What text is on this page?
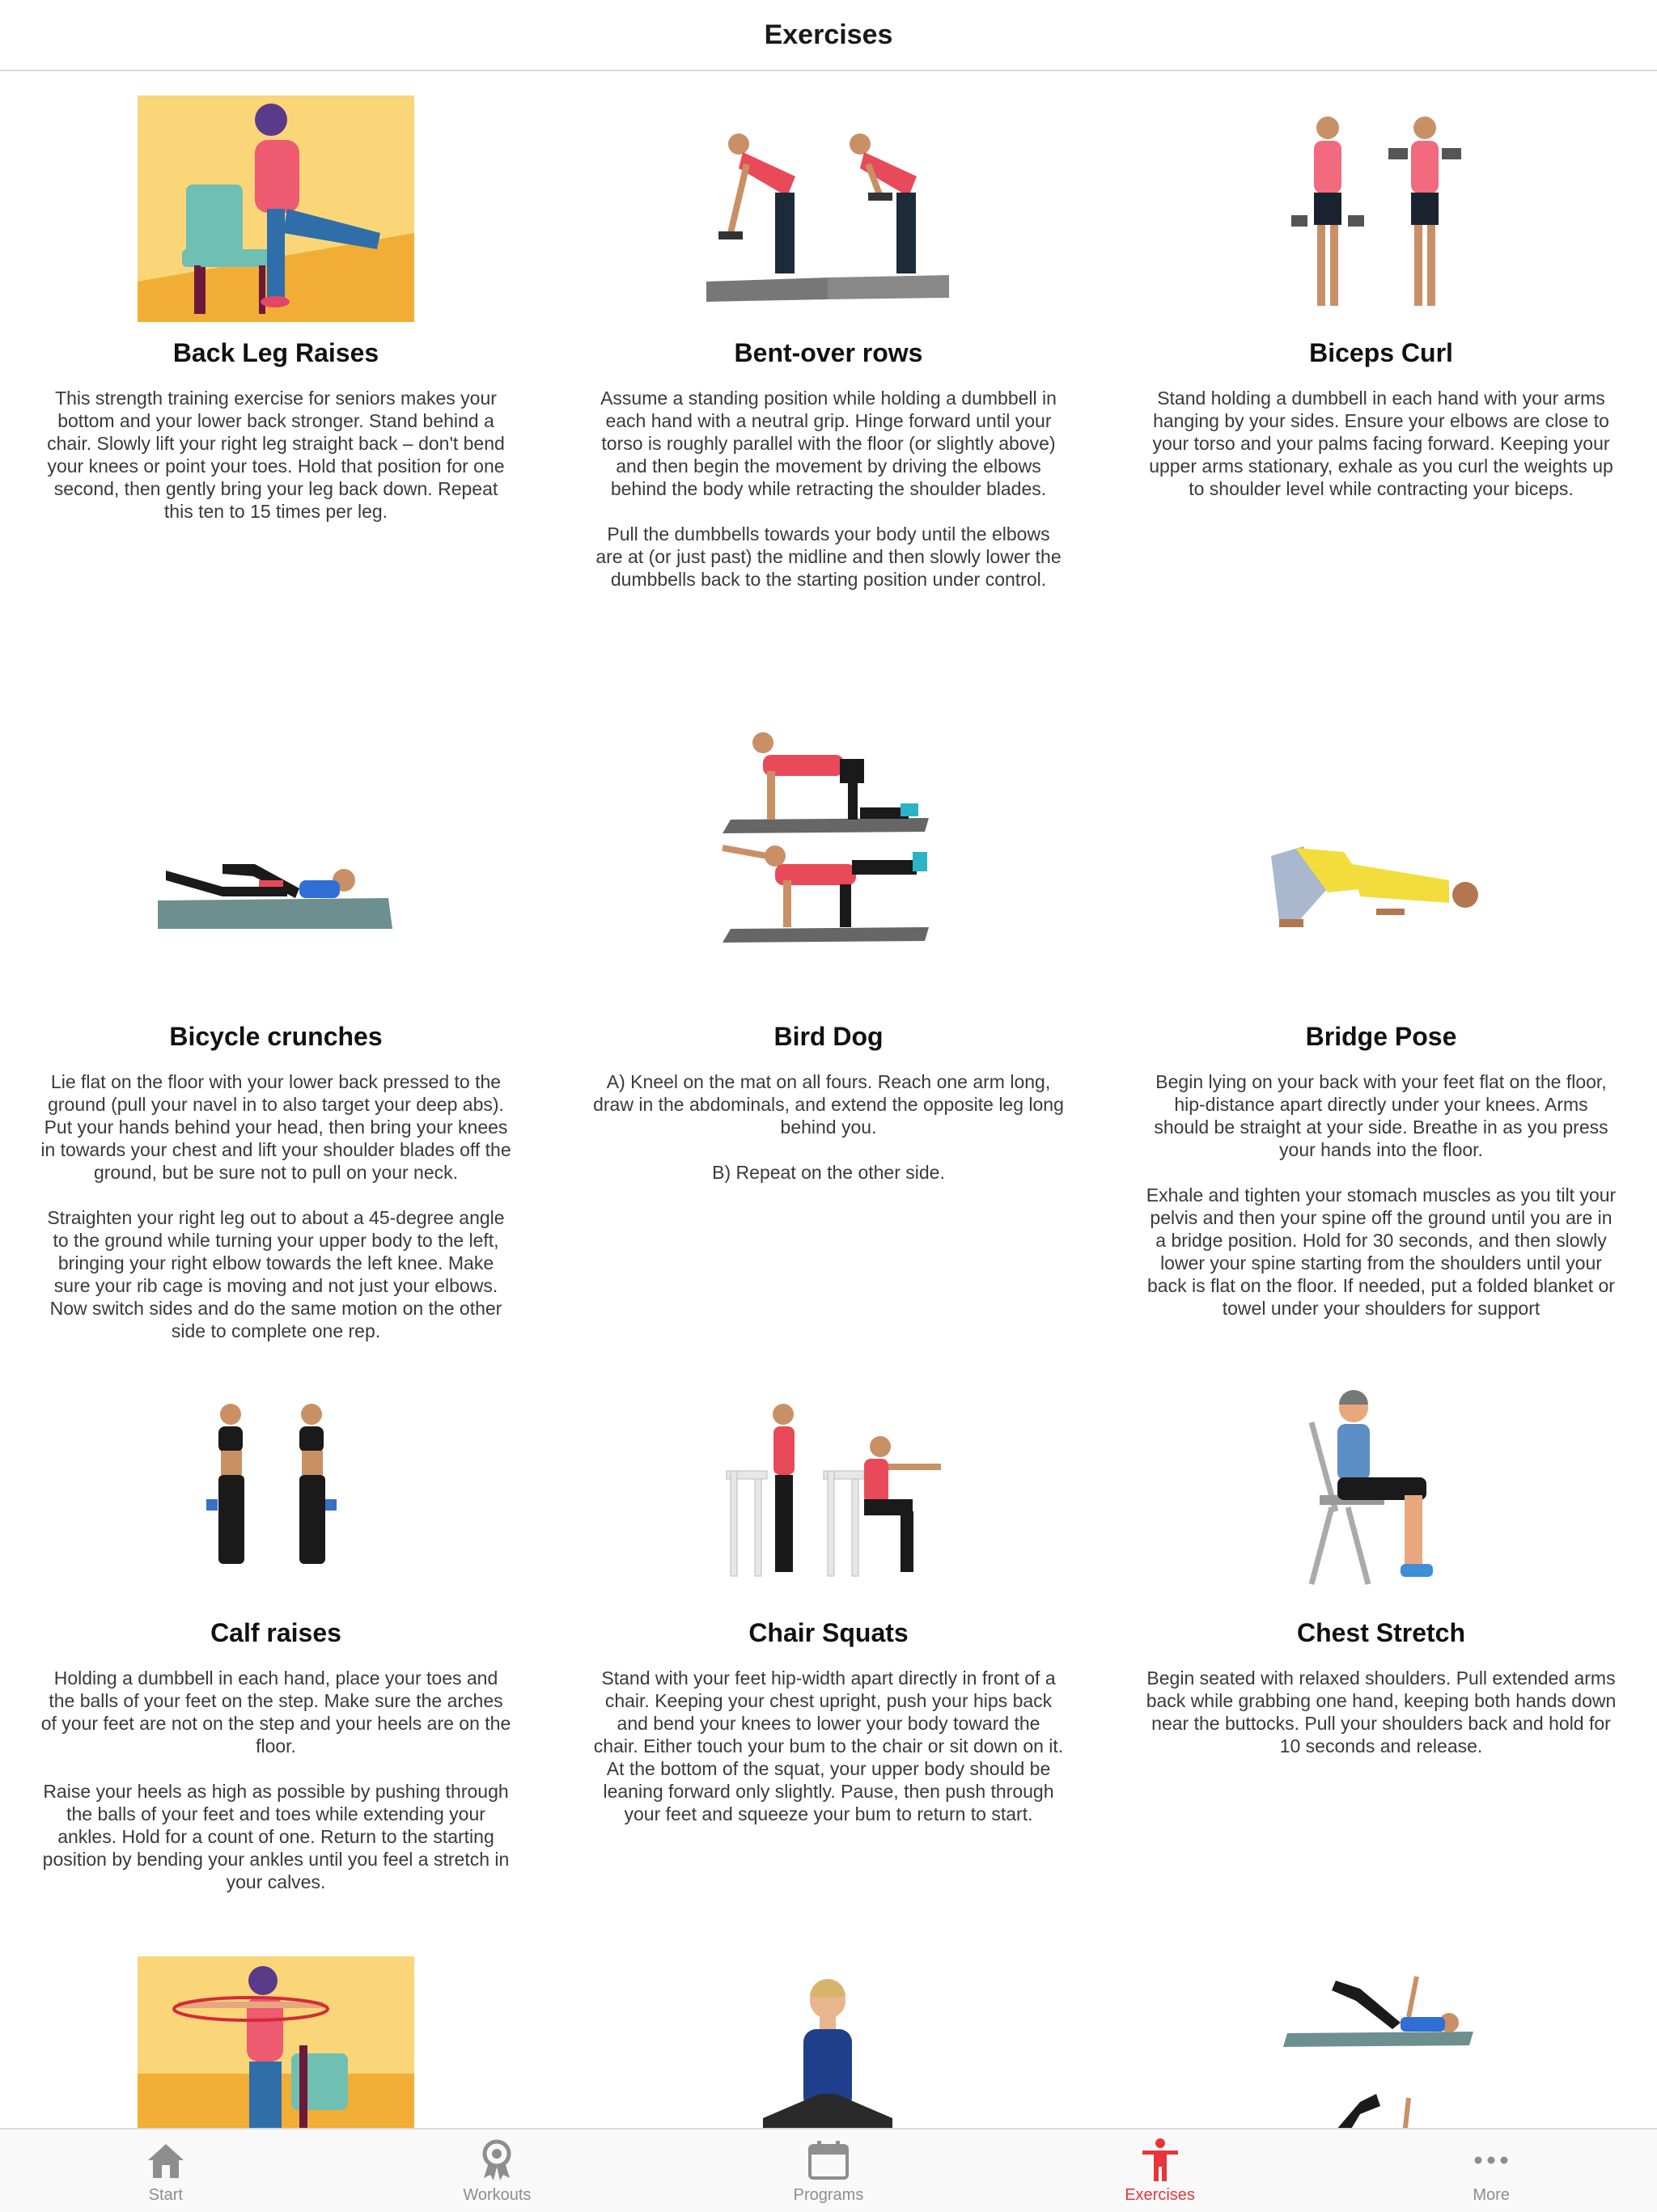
Exercises
Back Leg Raises

This strength training exercise for seniors makes your bottom and your lower back stronger. Stand behind a chair. Slowly lift your right leg straight back – don't bend your knees or point your toes. Hold that position for one second, then gently bring your leg back down. Repeat this ten to 15 times per leg.

Bent-over rows

Assume a standing position while holding a dumbbell in each hand with a neutral grip. Hinge forward until your torso is roughly parallel with the floor (or slightly above) and then begin the movement by driving the elbows behind the body while retracting the shoulder blades.

Pull the dumbbells towards your body until the elbows are at (or just past) the midline and then slowly lower the dumbbells back to the starting position under control.

Biceps Curl

Stand holding a dumbbell in each hand with your arms hanging by your sides. Ensure your elbows are close to your torso and your palms facing forward. Keeping your upper arms stationary, exhale as you curl the weights up to shoulder level while contracting your biceps.

Bicycle crunches

Lie flat on the floor with your lower back pressed to the ground (pull your navel in to also target your deep abs). Put your hands behind your head, then bring your knees in towards your chest and lift your shoulder blades off the ground, but be sure not to pull on your neck.

Straighten your right leg out to about a 45-degree angle to the ground while turning your upper body to the left, bringing your right elbow towards the left knee. Make sure your rib cage is moving and not just your elbows. Now switch sides and do the same motion on the other side to complete one rep.

Bird Dog

A) Kneel on the mat on all fours. Reach one arm long, draw in the abdominals, and extend the opposite leg long behind you.

B) Repeat on the other side.

Bridge Pose

Begin lying on your back with your feet flat on the floor, hip-distance apart directly under your knees. Arms should be straight at your side. Breathe in as you press your hands into the floor.

Exhale and tighten your stomach muscles as you tilt your pelvis and then your spine off the ground until you are in a bridge position. Hold for 30 seconds, and then slowly lower your spine starting from the shoulders until your back is flat on the floor. If needed, put a folded blanket or towel under your shoulders for support

Calf raises

Holding a dumbbell in each hand, place your toes and the balls of your feet on the step. Make sure the arches of your feet are not on the step and your heels are on the floor.

Raise your heels as high as possible by pushing through the balls of your feet and toes while extending your ankles. Hold for a count of one. Return to the starting position by bending your ankles until you feel a stretch in your calves.

Chair Squats

Stand with your feet hip-width apart directly in front of a chair. Keeping your chest upright, push your hips back and bend your knees to lower your body toward the chair. Either touch your bum to the chair or sit down on it. At the bottom of the squat, your upper body should be leaning forward only slightly. Pause, then push through your feet and squeeze your bum to return to start.

Chest Stretch

Begin seated with relaxed shoulders. Pull extended arms back while grabbing one hand, keeping both hands down near the buttocks. Pull your shoulders back and hold for 10 seconds and release.

Start	Workouts	Programs	Exercises	More
